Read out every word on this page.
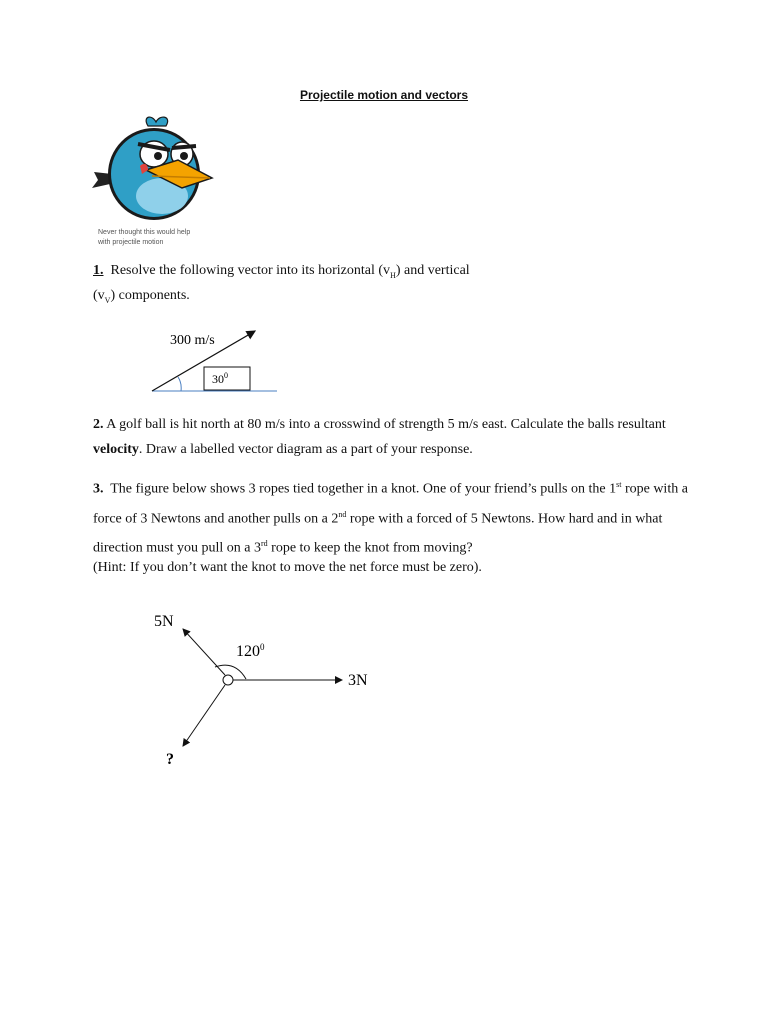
Projectile motion and vectors
Never thought this would help
with projectile motion
1. Resolve the following vector into its horizontal $(v_H)$ and vertical $(v_V)$ components.
300 m/s
$30^0$
2. A golf ball is hit north at 80 m/s into a crosswind of strength 5 m/s east. Calculate the balls resultant velocity. Draw a labelled vector diagram as a part of your response.
3. The figure below shows 3 ropes tied together in a knot. One of your friend’s pulls on the 1st rope with a force of 3 Newtons and another pulls on a 2nd rope with a forced of 5 Newtons. How hard and in what direction must you pull on a 3rd rope to keep the knot from moving?
(Hint: If you don’t want the knot to move the net force must be zero).
5N
3N
$120^0$
?
